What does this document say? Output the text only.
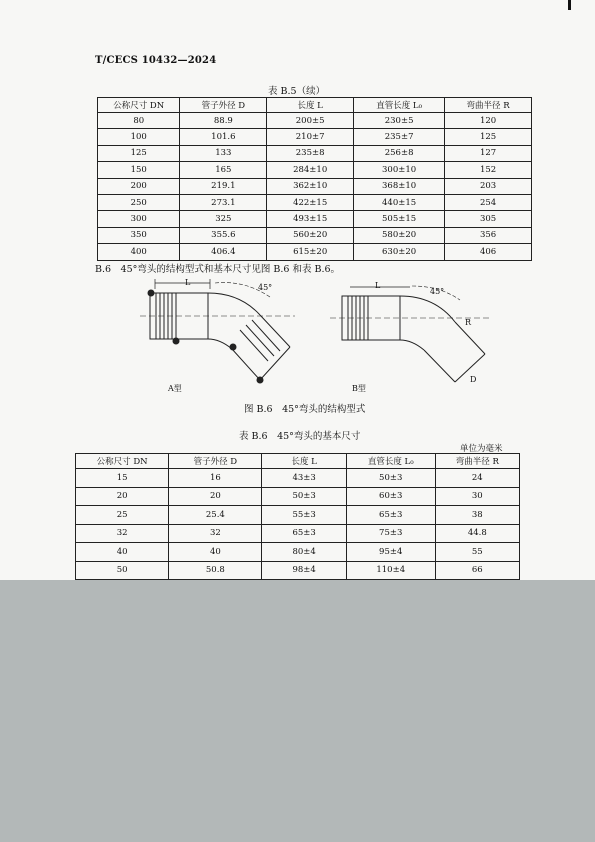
T/CECS 10432—2024
表 B.5（续）
公称尺寸 DN	管子外径 D	长度 L	直管长度 L₀	弯曲半径 R
80	88.9	200±5	230±5	120
100	101.6	210±7	235±7	125
125	133	235±8	256±8	127
150	165	284±10	300±10	152
200	219.1	362±10	368±10	203
250	273.1	422±15	440±15	254
300	325	493±15	505±15	305
350	355.6	560±20	580±20	356
400	406.4	615±20	630±20	406
B.6　45°弯头的结构型式和基本尺寸见图 B.6 和表 B.6。
45°	45°
L	L
R
D
A型	B型
图 B.6　45°弯头的结构型式
表 B.6　45°弯头的基本尺寸
单位为毫米
公称尺寸 DN	管子外径 D	长度 L	直管长度 L₀	弯曲半径 R
15	16	43±3	50±3	24
20	20	50±3	60±3	30
25	25.4	55±3	65±3	38
32	32	65±3	75±3	44.8
40	40	80±4	95±4	55
50	50.8	98±4	110±4	66
